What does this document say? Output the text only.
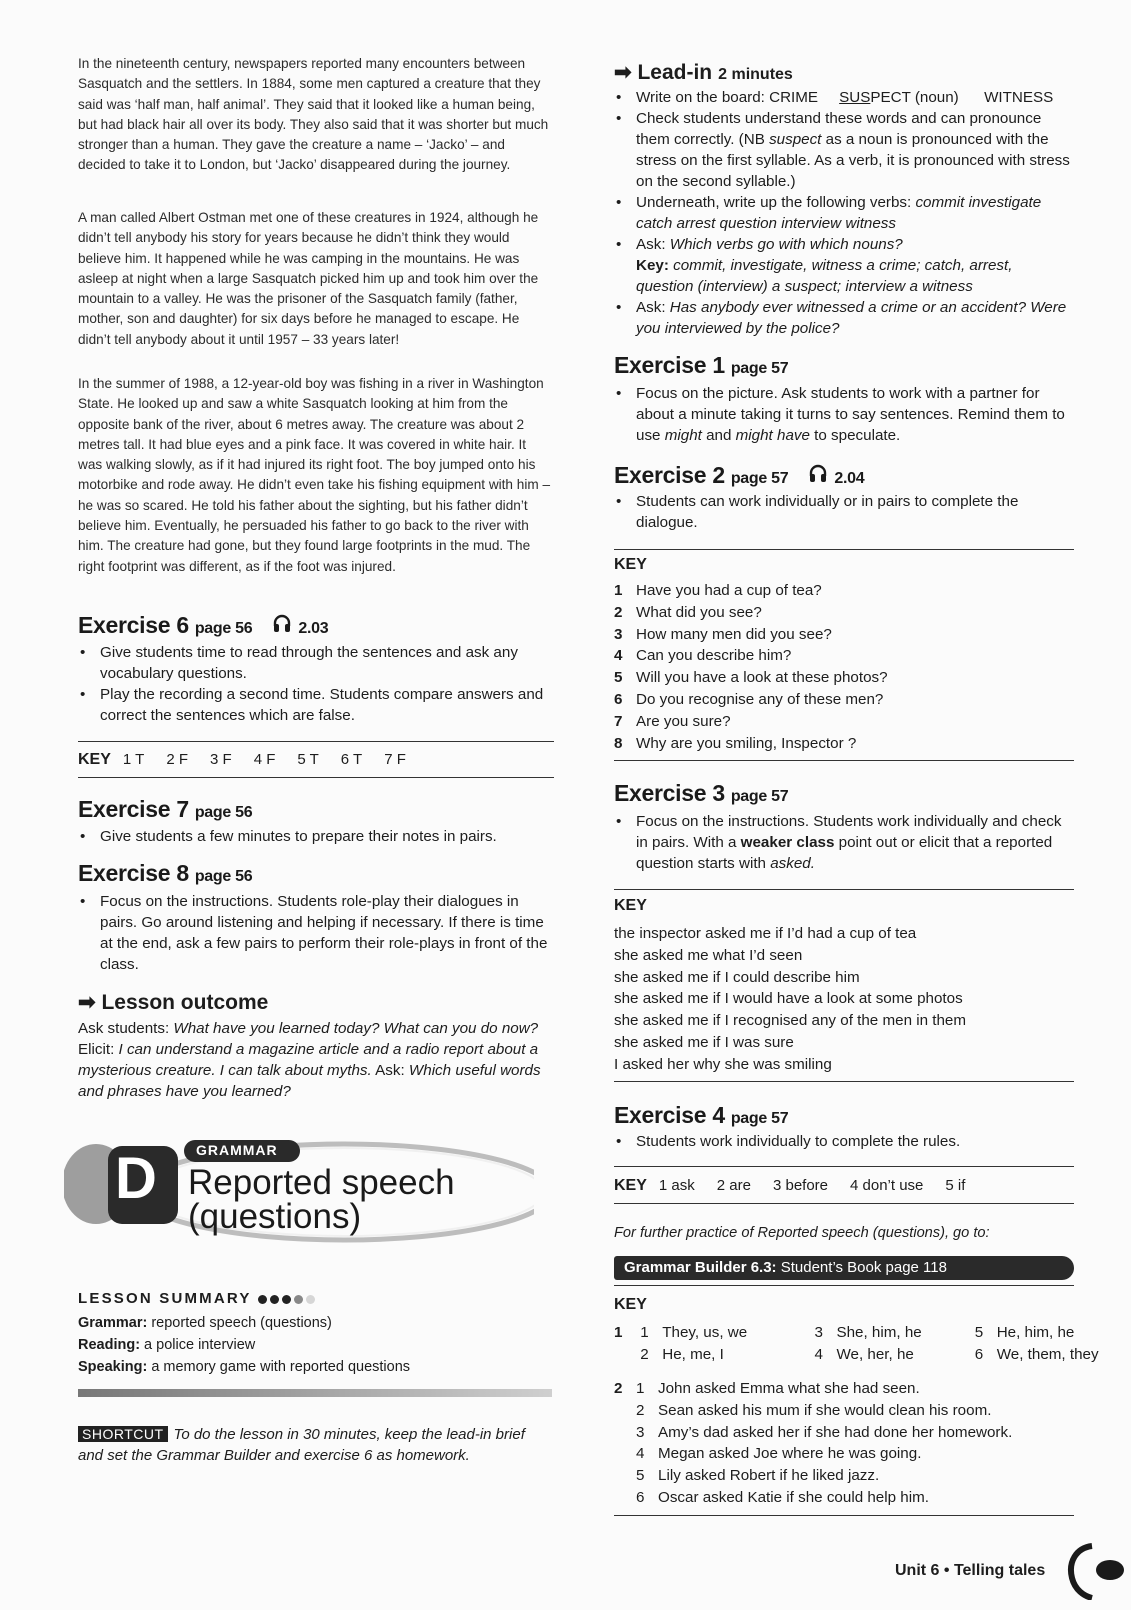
In the nineteenth century, newspapers reported many encounters between Sasquatch and the settlers. In 1884, some men captured a creature that they said was ‘half man, half animal’. They said that it looked like a human being, but had black hair all over its body. They also said that it was shorter but much stronger than a human. They gave the creature a name – ‘Jacko’ – and decided to take it to London, but ‘Jacko’ disappeared during the journey.

A man called Albert Ostman met one of these creatures in 1924, although he didn’t tell anybody his story for years because he didn’t think they would believe him. It happened while he was camping in the mountains. He was asleep at night when a large Sasquatch picked him up and took him over the mountain to a valley. He was the prisoner of the Sasquatch family (father, mother, son and daughter) for six days before he managed to escape. He didn’t tell anybody about it until 1957 – 33 years later!

In the summer of 1988, a 12-year-old boy was fishing in a river in Washington State. He looked up and saw a white Sasquatch looking at him from the opposite bank of the river, about 6 metres away. The creature was about 2 metres tall. It had blue eyes and a pink face. It was covered in white hair. It was walking slowly, as if it had injured its right foot. The boy jumped onto his motorbike and rode away. He didn’t even take his fishing equipment with him – he was so scared. He told his father about the sighting, but his father didn’t believe him. Eventually, he persuaded his father to go back to the river with him. The creature had gone, but they found large footprints in the mud. The right footprint was different, as if the foot was injured.

Exercise 6 page 56	2.03
• Give students time to read through the sentences and ask any vocabulary questions.
• Play the recording a second time. Students compare answers and correct the sentences which are false.
KEY 1 T 2 F 3 F 4 F 5 T 6 T 7 F
Exercise 7 page 56
• Give students a few minutes to prepare their notes in pairs.
Exercise 8 page 56
• Focus on the instructions. Students role-play their dialogues in pairs. Go around listening and helping if necessary. If there is time at the end, ask a few pairs to perform their role-plays in front of the class.
➡ Lesson outcome

Ask students: What have you learned today? What can you do now? Elicit: I can understand a magazine article and a radio report about a mysterious creature. I can talk about myths. Ask: Which useful words and phrases have you learned?

D	GRAMMAR
Reported speech
(questions)
LESSON SUMMARY
Grammar: reported speech (questions)
Reading: a police interview
Speaking: a memory game with reported questions
SHORTCUT To do the lesson in 30 minutes, keep the lead-in brief and set the Grammar Builder and exercise 6 as homework.
➡ Lead-in 2 minutes
• Write on the board: CRIME SUSPECT (noun) WITNESS
• Check students understand these words and can pronounce them correctly. (NB suspect as a noun is pronounced with the stress on the first syllable. As a verb, it is pronounced with stress on the second syllable.)
• Underneath, write up the following verbs: commit investigate catch arrest question interview witness
• Ask: Which verbs go with which nouns?
Key: commit, investigate, witness a crime; catch, arrest, question (interview) a suspect; interview a witness
• Ask: Has anybody ever witnessed a crime or an accident? Were you interviewed by the police?
Exercise 1 page 57
• Focus on the picture. Ask students to work with a partner for about a minute taking it turns to say sentences. Remind them to use might and might have to speculate.
Exercise 2 page 57	2.04
• Students can work individually or in pairs to complete the dialogue.
KEY
1 Have you had a cup of tea?
2 What did you see?
3 How many men did you see?
4 Can you describe him?
5 Will you have a look at these photos?
6 Do you recognise any of these men?
7 Are you sure?
8 Why are you smiling, Inspector ?
Exercise 3 page 57
• Focus on the instructions. Students work individually and check in pairs. With a weaker class point out or elicit that a reported question starts with asked.
KEY
the inspector asked me if I’d had a cup of tea
she asked me what I’d seen
she asked me if I could describe him
she asked me if I would have a look at some photos
she asked me if I recognised any of the men in them
she asked me if I was sure
I asked her why she was smiling
Exercise 4 page 57
• Students work individually to complete the rules.
KEY 1 ask 2 are 3 before 4 don’t use 5 if
For further practice of Reported speech (questions), go to:
Grammar Builder 6.3: Student’s Book page 118
KEY
1 1 They, us, we	3 She, him, he	5 He, him, he
2 He, me, I	4 We, her, he	6 We, them, they
2 1 John asked Emma what she had seen.
2 Sean asked his mum if she would clean his room.
3 Amy’s dad asked her if she had done her homework.
4 Megan asked Joe where he was going.
5 Lily asked Robert if he liked jazz.
6 Oscar asked Katie if she could help him.
Unit 6 • Telling tales
